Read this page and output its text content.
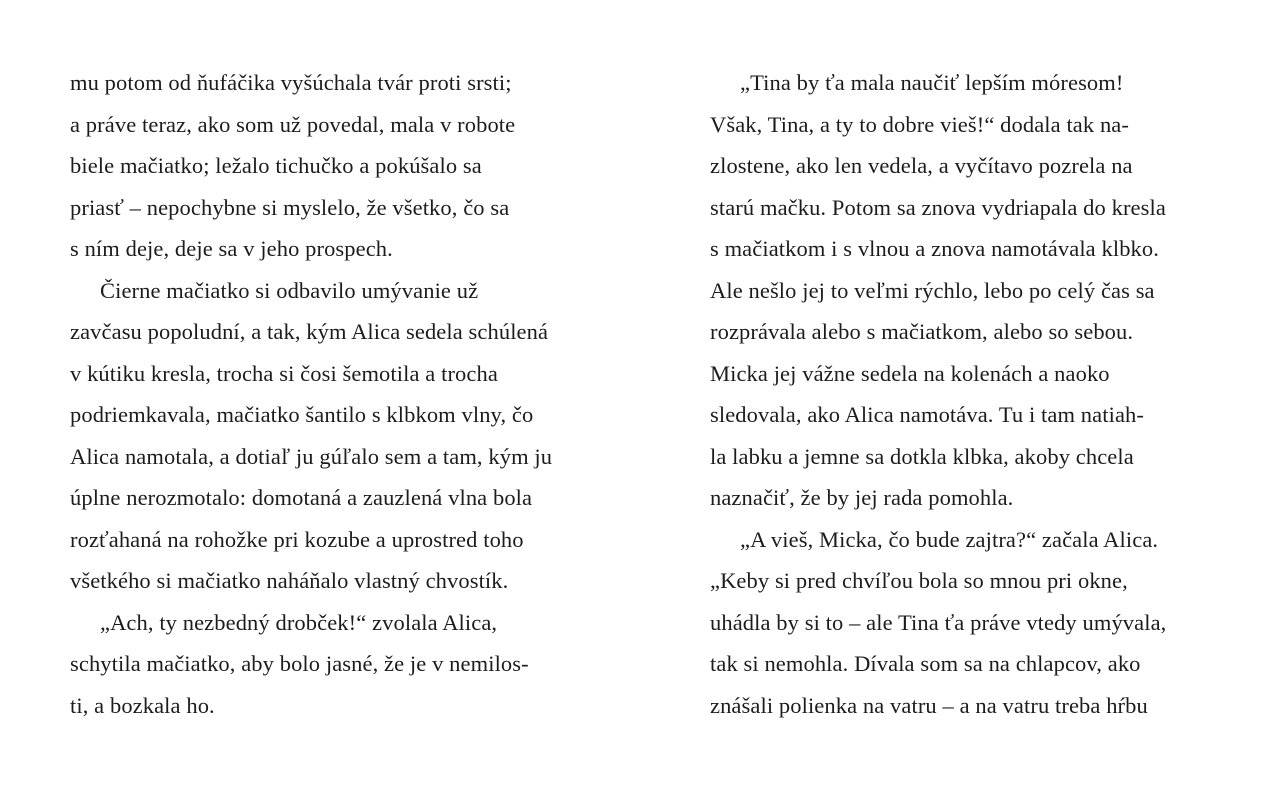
mu potom od ňufáčika vyšúchala tvár proti srsti;
a práve teraz, ako som už povedal, mala v robote
biele mačiatko; ležalo tichučko a pokúšalo sa
priasť – nepochybne si myslelo, že všetko, čo sa
s ním deje, deje sa v jeho prospech.
Čierne mačiatko si odbavilo umývanie už
zavčasu popoludní, a tak, kým Alica sedela schúlená
v kútiku kresla, trocha si čosi šemotila a trocha
podriemkavala, mačiatko šantilo s klbkom vlny, čo
Alica namotala, a dotiaľ ju gúľalo sem a tam, kým ju
úplne nerozmotalo: domotaná a zauzlená vlna bola
rozťahaná na rohožke pri kozube a uprostred toho
všetkého si mačiatko naháňalo vlastný chvostík.
„Ach, ty nezbedný drobček!“ zvolala Alica,
schytila mačiatko, aby bolo jasné, že je v nemilos-
ti, a bozkala ho.
„Tina by ťa mala naučiť lepším móresom!
Však, Tina, a ty to dobre vieš!“ dodala tak na-
zlostene, ako len vedela, a vyčítavo pozrela na
starú mačku. Potom sa znova vydriapala do kresla
s mačiatkom i s vlnou a znova namotávala klbko.
Ale nešlo jej to veľmi rýchlo, lebo po celý čas sa
rozprávala alebo s mačiatkom, alebo so sebou.
Micka jej vážne sedela na kolenách a naoko
sledovala, ako Alica namotáva. Tu i tam natiah-
la labku a jemne sa dotkla klbka, akoby chcela
naznačiť, že by jej rada pomohla.
„A vieš, Micka, čo bude zajtra?“ začala Alica.
„Keby si pred chvíľou bola so mnou pri okne,
uhádla by si to – ale Tina ťa práve vtedy umývala,
tak si nemohla. Dívala som sa na chlapcov, ako
znášali polienka na vatru – a na vatru treba hŕbu
